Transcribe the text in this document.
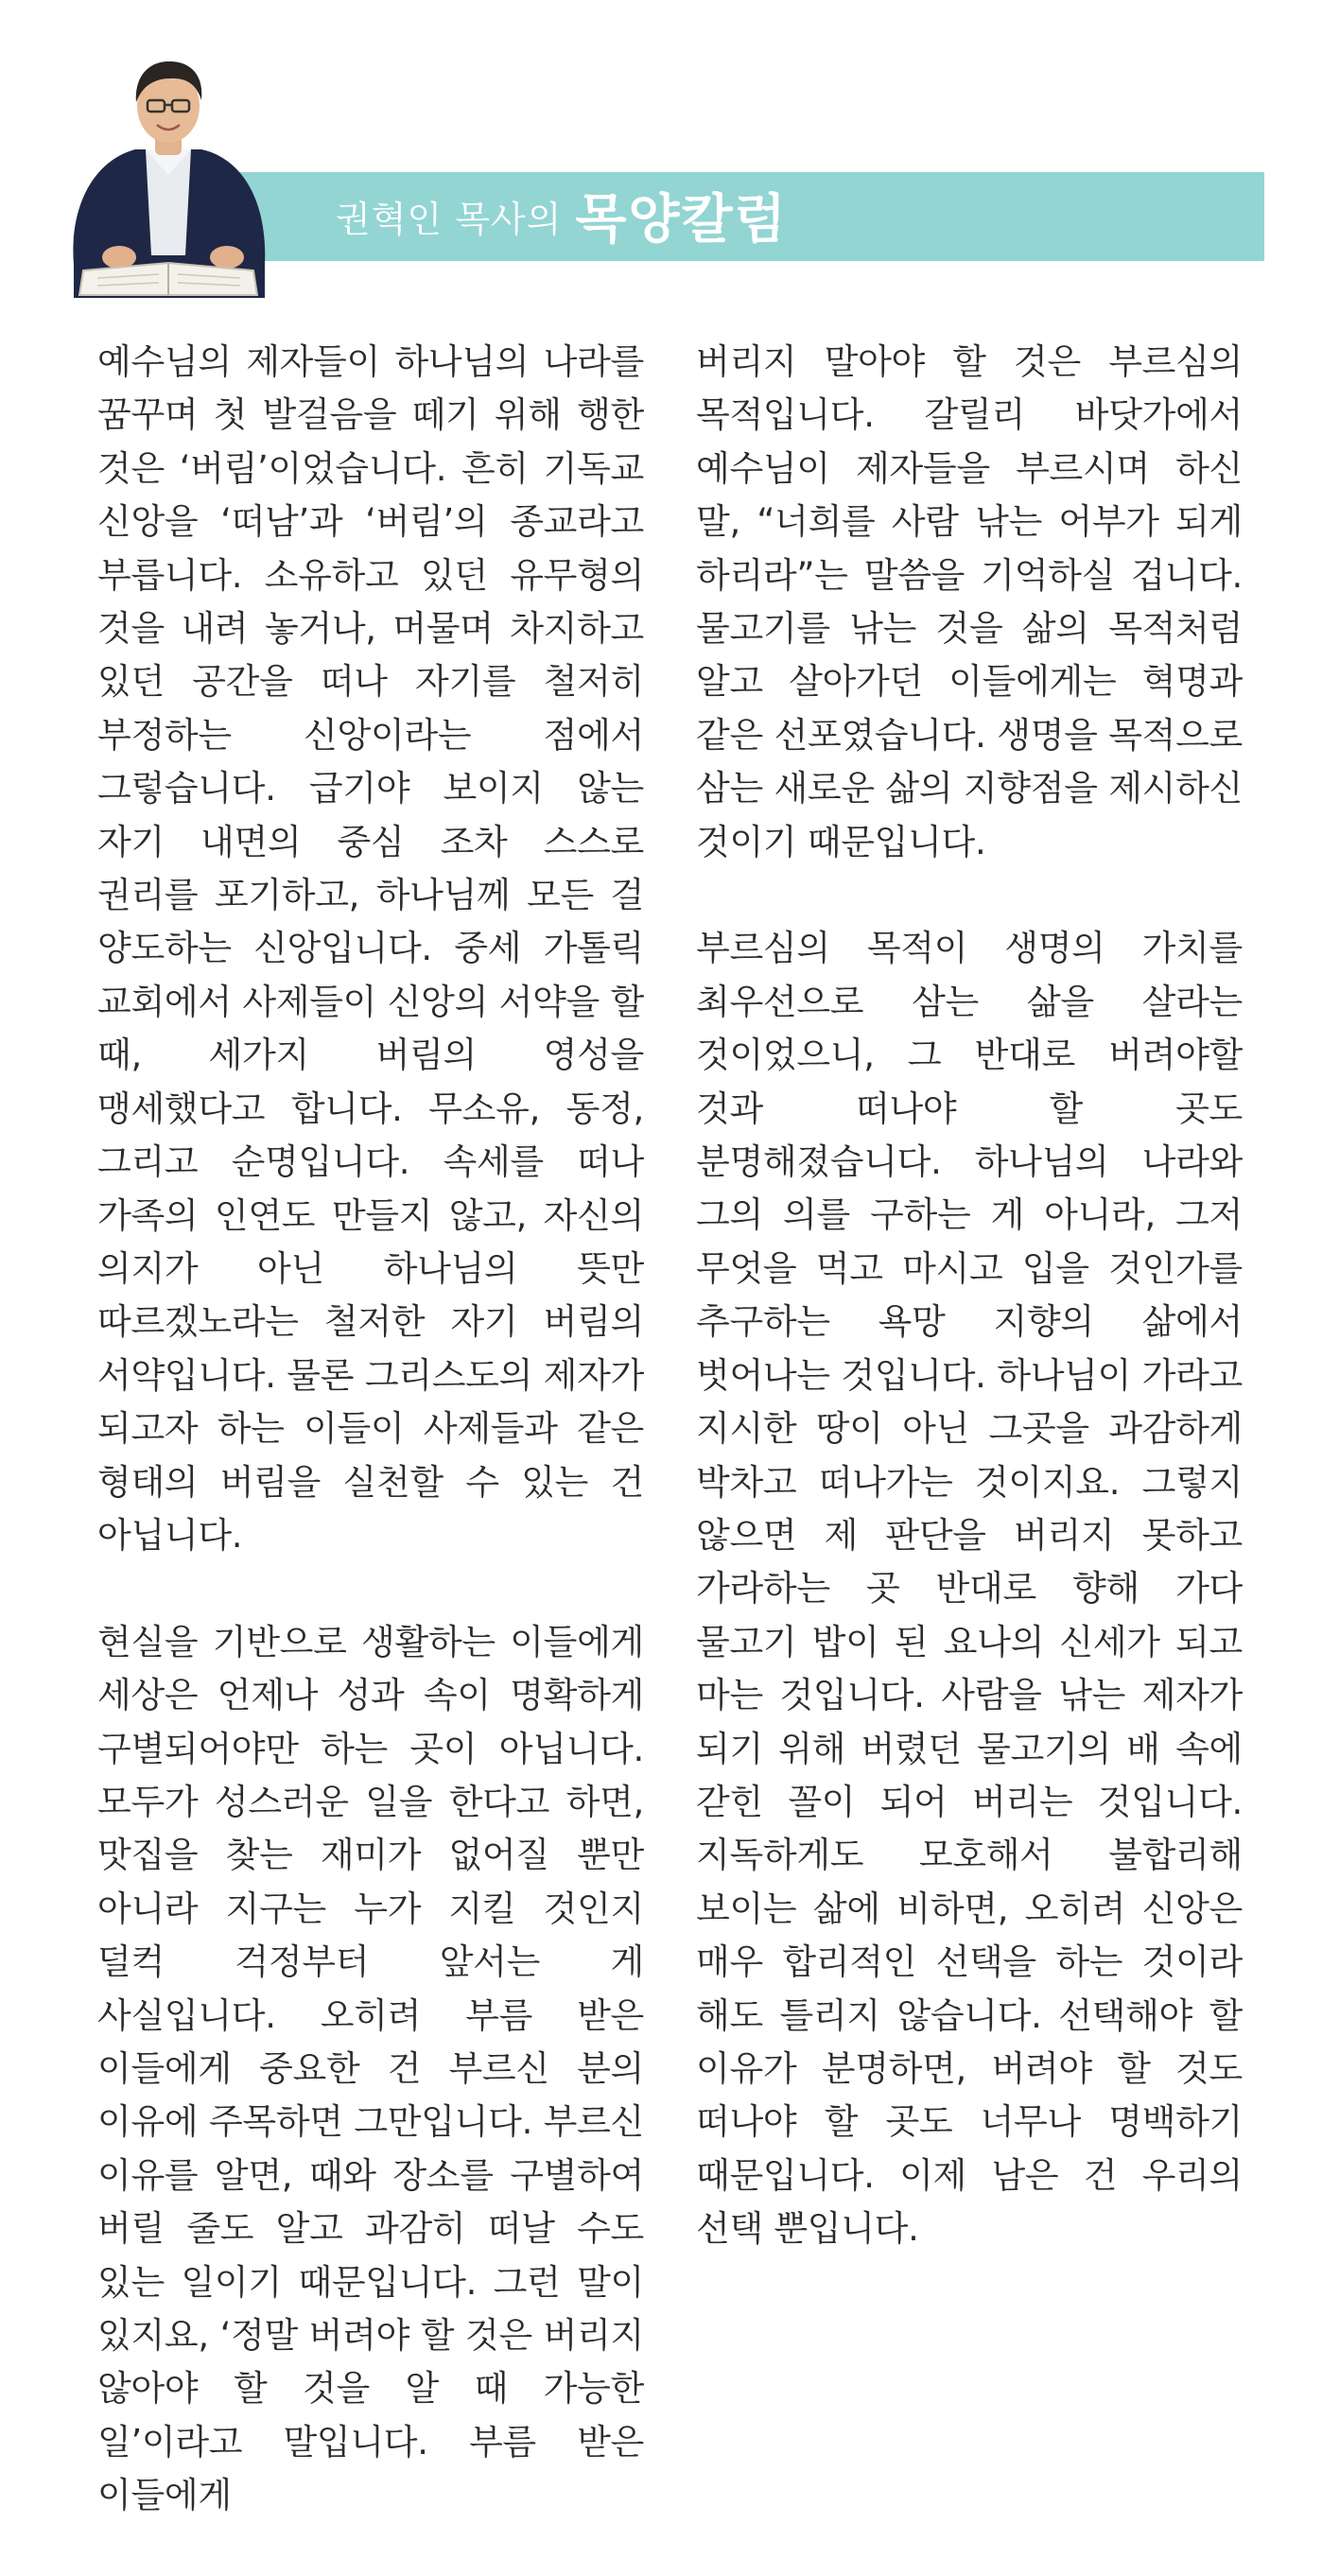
권혁인 목사의 목양칼럼

예수님의 제자들이 하나님의 나라를 꿈꾸며 첫 발걸음을 떼기 위해 행한 것은 ‘버림’이었습니다. 흔히 기독교 신앙을 ‘떠남’과 ‘버림’의 종교라고 부릅니다. 소유하고 있던 유무형의 것을 내려 놓거나, 머물며 차지하고 있던 공간을 떠나 자기를 철저히 부정하는 신앙이라는 점에서 그렇습니다. 급기야 보이지 않는 자기 내면의 중심 조차 스스로 권리를 포기하고, 하나님께 모든 걸 양도하는 신앙입니다. 중세 가톨릭 교회에서 사제들이 신앙의 서약을 할 때, 세가지 버림의 영성을 맹세했다고 합니다. 무소유, 동정, 그리고 순명입니다. 속세를 떠나 가족의 인연도 만들지 않고, 자신의 의지가 아닌 하나님의 뜻만 따르겠노라는 철저한 자기 버림의 서약입니다. 물론 그리스도의 제자가 되고자 하는 이들이 사제들과 같은 형태의 버림을 실천할 수 있는 건 아닙니다.

현실을 기반으로 생활하는 이들에게 세상은 언제나 성과 속이 명확하게 구별되어야만 하는 곳이 아닙니다. 모두가 성스러운 일을 한다고 하면, 맛집을 찾는 재미가 없어질 뿐만 아니라 지구는 누가 지킬 것인지 덜컥 걱정부터 앞서는 게 사실입니다. 오히려 부름 받은 이들에게 중요한 건 부르신 분의 이유에 주목하면 그만입니다. 부르신 이유를 알면, 때와 장소를 구별하여 버릴 줄도 알고 과감히 떠날 수도 있는 일이기 때문입니다. 그런 말이 있지요, ‘정말 버려야 할 것은 버리지 않아야 할 것을 알 때 가능한 일’이라고 말입니다. 부름 받은 이들에게

버리지 말아야 할 것은 부르심의 목적입니다. 갈릴리 바닷가에서 예수님이 제자들을 부르시며 하신 말, “너희를 사람 낚는 어부가 되게 하리라”는 말씀을 기억하실 겁니다. 물고기를 낚는 것을 삶의 목적처럼 알고 살아가던 이들에게는 혁명과 같은 선포였습니다. 생명을 목적으로 삼는 새로운 삶의 지향점을 제시하신 것이기 때문입니다.

부르심의 목적이 생명의 가치를 최우선으로 삼는 삶을 살라는 것이었으니, 그 반대로 버려야할 것과 떠나야 할 곳도 분명해졌습니다. 하나님의 나라와 그의 의를 구하는 게 아니라, 그저 무엇을 먹고 마시고 입을 것인가를 추구하는 욕망 지향의 삶에서 벗어나는 것입니다. 하나님이 가라고 지시한 땅이 아닌 그곳을 과감하게 박차고 떠나가는 것이지요. 그렇지 않으면 제 판단을 버리지 못하고 가라하는 곳 반대로 향해 가다 물고기 밥이 된 요나의 신세가 되고 마는 것입니다. 사람을 낚는 제자가 되기 위해 버렸던 물고기의 배 속에 갇힌 꼴이 되어 버리는 것입니다. 지독하게도 모호해서 불합리해 보이는 삶에 비하면, 오히려 신앙은 매우 합리적인 선택을 하는 것이라 해도 틀리지 않습니다. 선택해야 할 이유가 분명하면, 버려야 할 것도 떠나야 할 곳도 너무나 명백하기 때문입니다. 이제 남은 건 우리의 선택 뿐입니다.
